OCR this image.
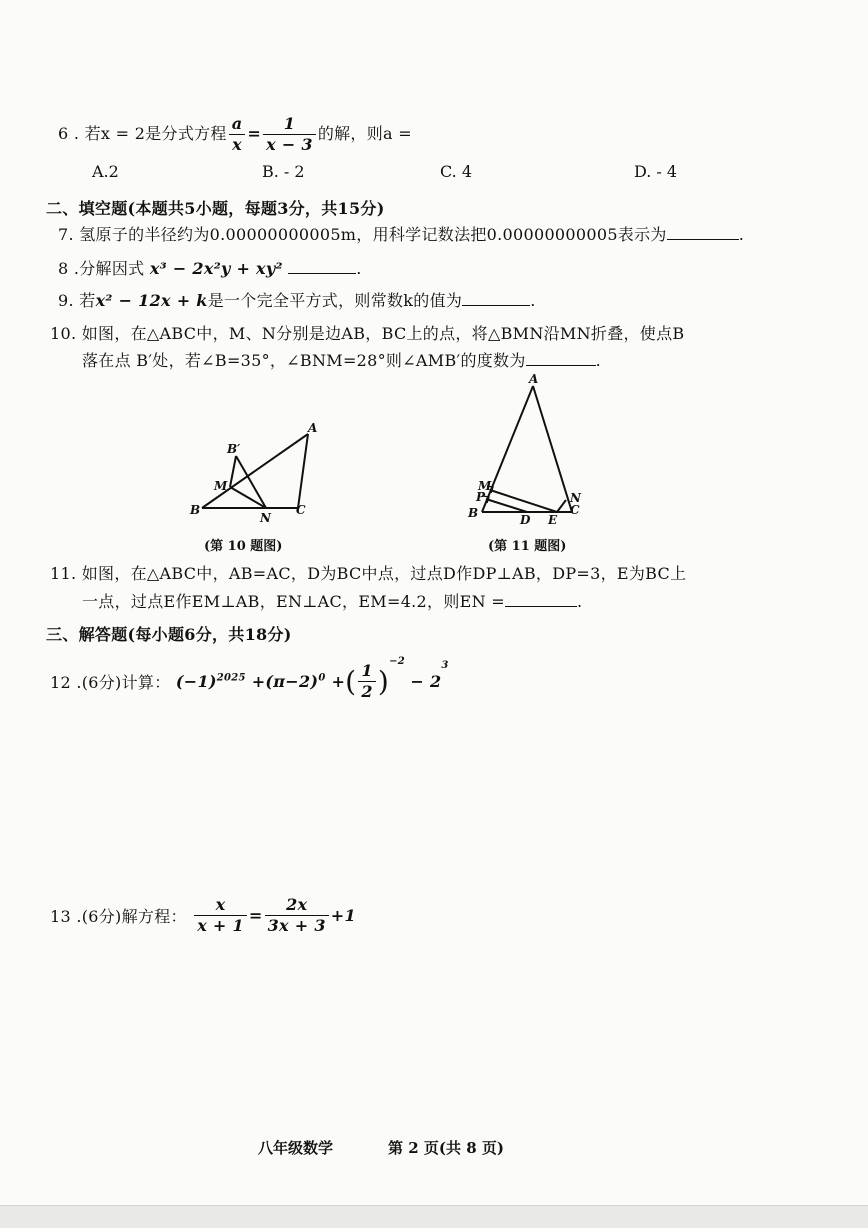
6 . 若x = 2是分式方程 $\frac{a}{x} = \frac{1}{x - 3}$ 的解，则a =
A.2	B. - 2	C. 4	D. - 4
二、填空题(本题共5小题，每题3分，共15分)
7. 氢原子的半径约为0.00000000005m，用科学记数法把0.00000000005表示为	.
8 .分解因式 x³ − 2x²y + xy²	.
9. 若x² − 12x + k是一个完全平方式，则常数k的值为	.
10. 如图，在△ABC中，M、N分别是边AB，BC上的点，将△BMN沿MN折叠，使点B
落在点 B′处，若∠B=35°，∠BNM=28°则∠AMB′的度数为	.
A
B	C
M
N
B′
(第 10 题图)
A
B	C
D E
M
N
P
(第 11 题图)
11. 如图，在△ABC中，AB=AC，D为BC中点，过点D作DP⊥AB，DP=3，E为BC上
一点，过点E作EM⊥AB，EN⊥AC，EM=4.2，则EN =	.
三、解答题(每小题6分，共18分)
12 .(6分)计算： $(-1)^{2025} +(\pi-2)^0$ +( $\frac{1}{2} )^{-2} - 2^3$
13 .(6分)解方程： $\frac{x}{x + 1} = \frac{2x}{3x + 3} +1$
八年级数学	第 2 页(共 8 页)
